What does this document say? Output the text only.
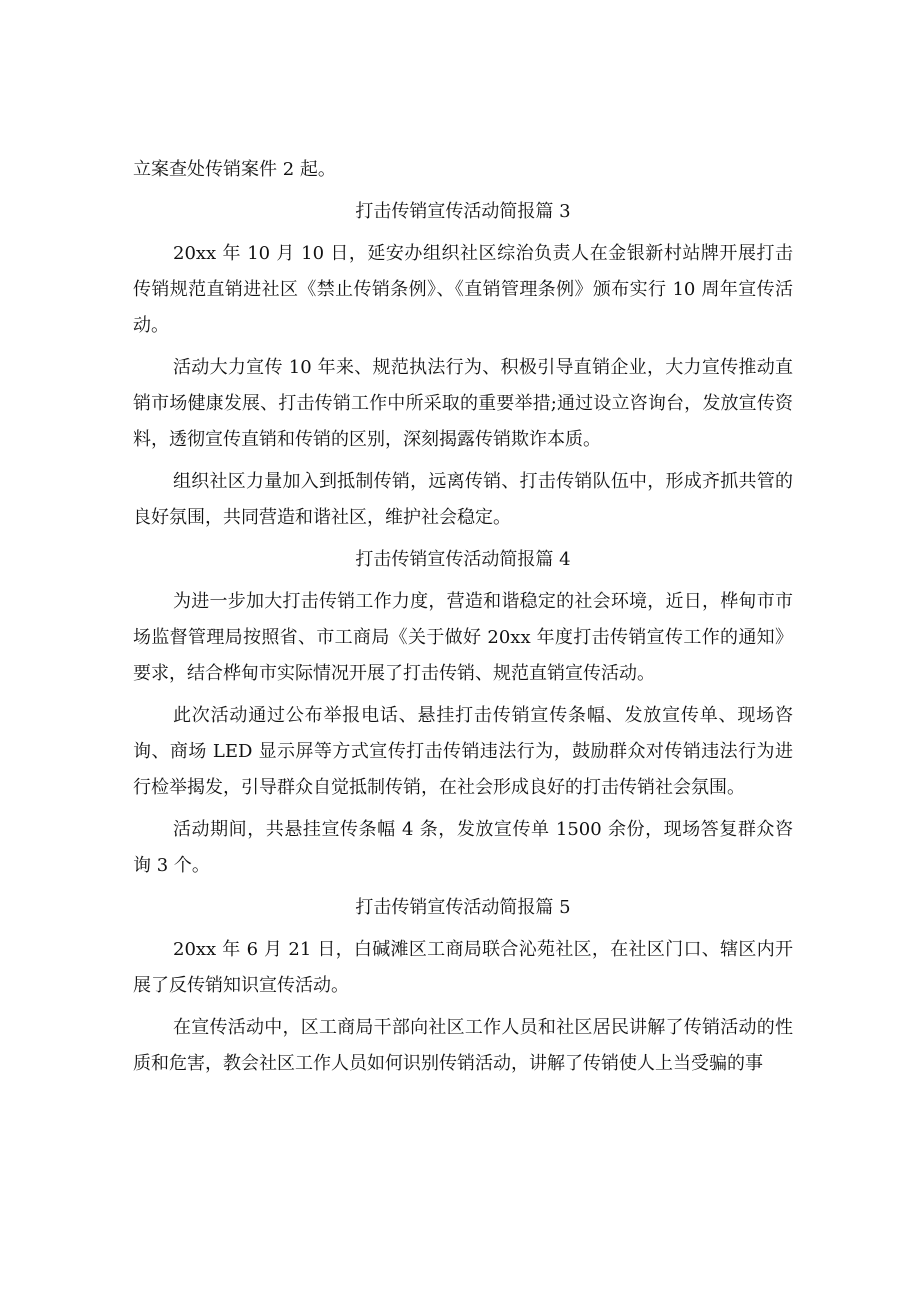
立案查处传销案件 2 起。

打击传销宣传活动简报篇 3

20xx 年 10 月 10 日，延安办组织社区综治负责人在金银新村站牌开展打击传销规范直销进社区《禁止传销条例》、《直销管理条例》颁布实行 10 周年宣传活动。

活动大力宣传 10 年来、规范执法行为、积极引导直销企业，大力宣传推动直销市场健康发展、打击传销工作中所采取的重要举措;通过设立咨询台，发放宣传资料，透彻宣传直销和传销的区别，深刻揭露传销欺诈本质。

组织社区力量加入到抵制传销，远离传销、打击传销队伍中，形成齐抓共管的良好氛围，共同营造和谐社区，维护社会稳定。

打击传销宣传活动简报篇 4

为进一步加大打击传销工作力度，营造和谐稳定的社会环境，近日，桦甸市市场监督管理局按照省、市工商局《关于做好 20xx 年度打击传销宣传工作的通知》要求，结合桦甸市实际情况开展了打击传销、规范直销宣传活动。

此次活动通过公布举报电话、悬挂打击传销宣传条幅、发放宣传单、现场咨询、商场 LED 显示屏等方式宣传打击传销违法行为，鼓励群众对传销违法行为进行检举揭发，引导群众自觉抵制传销，在社会形成良好的打击传销社会氛围。

活动期间，共悬挂宣传条幅 4 条，发放宣传单 1500 余份，现场答复群众咨询 3 个。

打击传销宣传活动简报篇 5

20xx 年 6 月 21 日，白碱滩区工商局联合沁苑社区，在社区门口、辖区内开展了反传销知识宣传活动。

在宣传活动中，区工商局干部向社区工作人员和社区居民讲解了传销活动的性质和危害，教会社区工作人员如何识别传销活动，讲解了传销使人上当受骗的事
